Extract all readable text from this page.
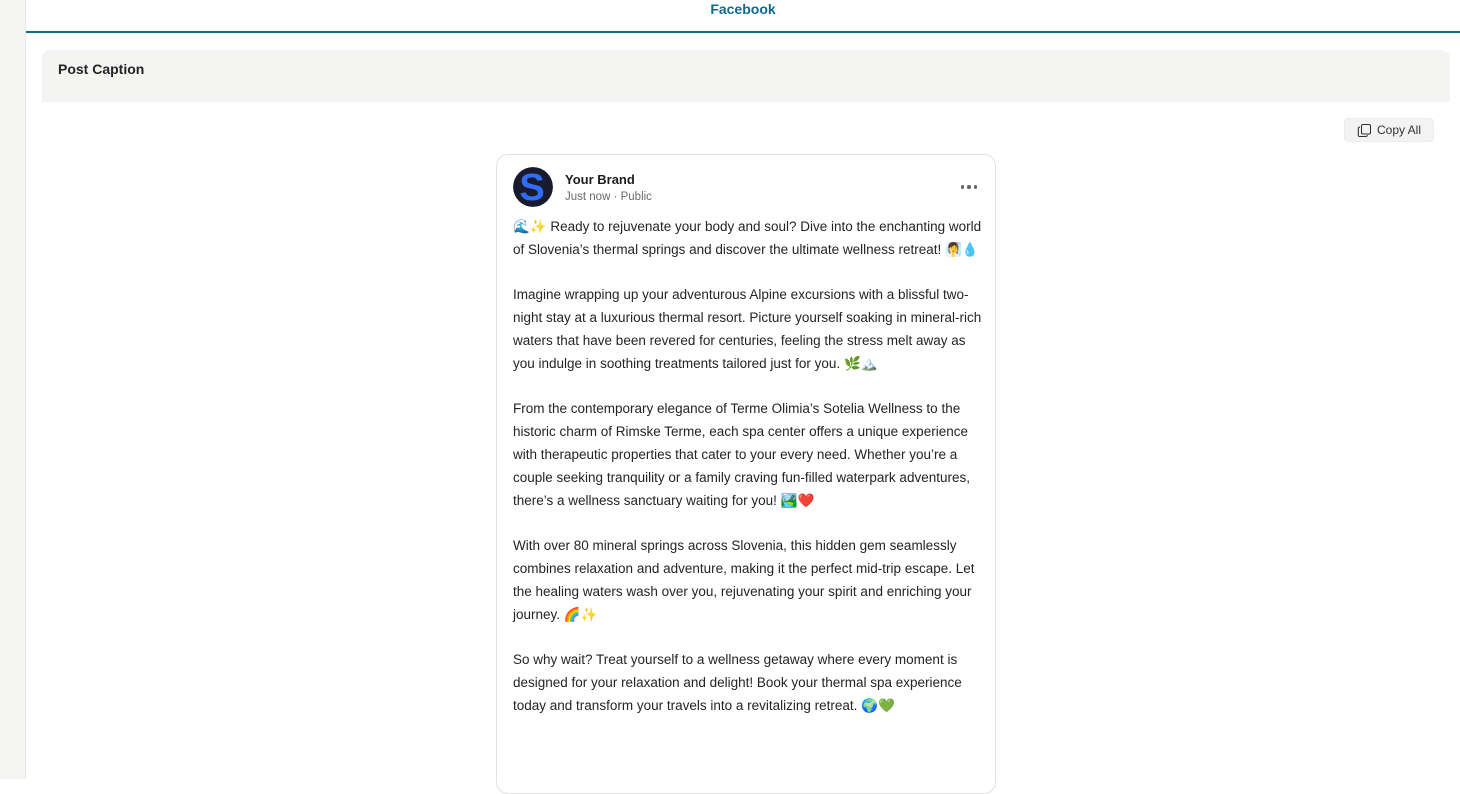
Facebook
Post Caption
Copy All
S Your Brand
Just now · Public

🌊✨ Ready to rejuvenate your body and soul? Dive into the enchanting world of Slovenia’s thermal springs and discover the ultimate wellness retreat! 🧖‍♀️💧

Imagine wrapping up your adventurous Alpine excursions with a blissful two-night stay at a luxurious thermal resort. Picture yourself soaking in mineral-rich waters that have been revered for centuries, feeling the stress melt away as you indulge in soothing treatments tailored just for you. 🌿🏔️

From the contemporary elegance of Terme Olimia’s Sotelia Wellness to the historic charm of Rimske Terme, each spa center offers a unique experience with therapeutic properties that cater to your every need. Whether you’re a couple seeking tranquility or a family craving fun-filled waterpark adventures, there’s a wellness sanctuary waiting for you! 🏞️❤️

With over 80 mineral springs across Slovenia, this hidden gem seamlessly combines relaxation and adventure, making it the perfect mid-trip escape. Let the healing waters wash over you, rejuvenating your spirit and enriching your journey. 🌈✨

So why wait? Treat yourself to a wellness getaway where every moment is designed for your relaxation and delight! Book your thermal spa experience today and transform your travels into a revitalizing retreat. 🌍💚
